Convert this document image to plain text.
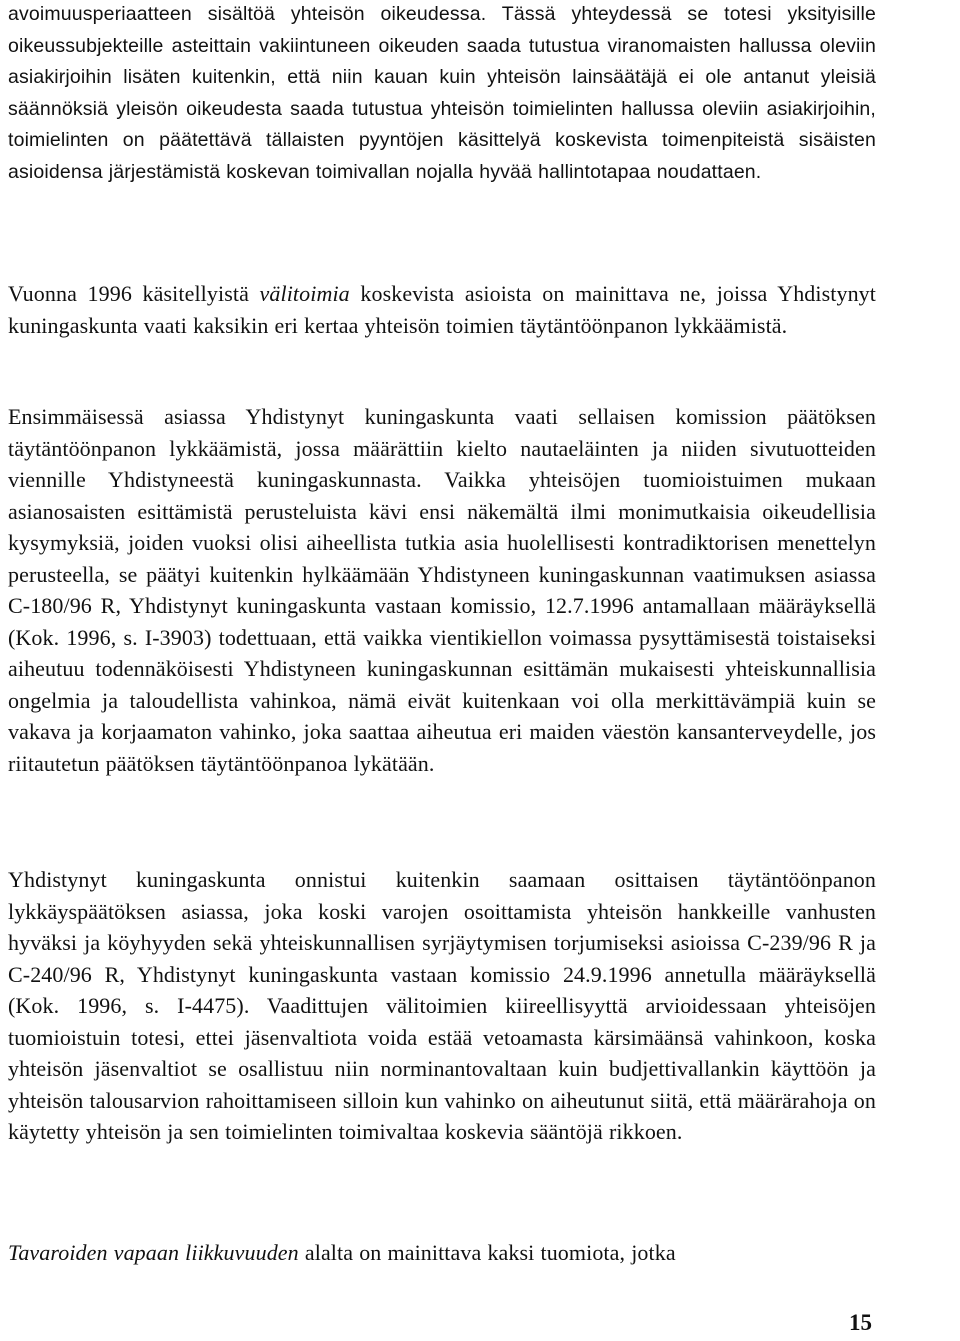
avoimuusperiaatteen sisältöä yhteisön oikeudessa. Tässä yhteydessä se totesi yksityisille oikeussubjekteille asteittain vakiintuneen oikeuden saada tutustua viranomaisten hallussa oleviin asiakirjoihin lisäten kuitenkin, että niin kauan kuin yhteisön lainsäätäjä ei ole antanut yleisiä säännöksiä yleisön oikeudesta saada tutustua yhteisön toimielinten hallussa oleviin asiakirjoihin, toimielinten on päätettävä tällaisten pyyntöjen käsittelyä koskevista toimenpiteistä sisäisten asioidensa järjestämistä koskevan toimivallan nojalla hyvää hallintotapaa noudattaen.

Vuonna 1996 käsitellyistä välitoimia koskevista asioista on mainittava ne, joissa Yhdistynyt kuningaskunta vaati kaksikin eri kertaa yhteisön toimien täytäntöönpanon lykkäämistä.

Ensimmäisessä asiassa Yhdistynyt kuningaskunta vaati sellaisen komission päätöksen täytäntöönpanon lykkäämistä, jossa määrättiin kielto nautaeläinten ja niiden sivutuotteiden viennille Yhdistyneestä kuningaskunnasta. Vaikka yhteisöjen tuomioistuimen mukaan asianosaisten esittämistä perusteluista kävi ensi näkemältä ilmi monimutkaisia oikeudellisia kysymyksiä, joiden vuoksi olisi aiheellista tutkia asia huolellisesti kontradiktorisen menettelyn perusteella, se päätyi kuitenkin hylkäämään Yhdistyneen kuningaskunnan vaatimuksen asiassa C-180/96 R, Yhdistynyt kuningaskunta vastaan komissio, 12.7.1996 antamallaan määräyksellä (Kok. 1996, s. I-3903) todettuaan, että vaikka vientikiellon voimassa pysyttämisestä toistaiseksi aiheutuu todennäköisesti Yhdistyneen kuningaskunnan esittämän mukaisesti yhteiskunnallisia ongelmia ja taloudellista vahinkoa, nämä eivät kuitenkaan voi olla merkittävämpiä kuin se vakava ja korjaamaton vahinko, joka saattaa aiheutua eri maiden väestön kansanterveydelle, jos riitautetun päätöksen täytäntöönpanoa lykätään.

Yhdistynyt kuningaskunta onnistui kuitenkin saamaan osittaisen täytäntöönpanon lykkäyspäätöksen asiassa, joka koski varojen osoittamista yhteisön hankkeille vanhusten hyväksi ja köyhyyden sekä yhteiskunnallisen syrjäytymisen torjumiseksi asioissa C-239/96 R ja C-240/96 R, Yhdistynyt kuningaskunta vastaan komissio 24.9.1996 annetulla määräyksellä (Kok. 1996, s. I-4475). Vaadittujen välitoimien kiireellisyyttä arvioidessaan yhteisöjen tuomioistuin totesi, ettei jäsenvaltiota voida estää vetoamasta kärsimäänsä vahinkoon, koska yhteisön jäsenvaltiot se osallistuu niin norminantovaltaan kuin budjettivallankin käyttöön ja yhteisön talousarvion rahoittamiseen silloin kun vahinko on aiheutunut siitä, että määrärahoja on käytetty yhteisön ja sen toimielinten toimivaltaa koskevia sääntöjä rikkoen.

Tavaroiden vapaan liikkuvuuden alalta on mainittava kaksi tuomiota, jotka

15
